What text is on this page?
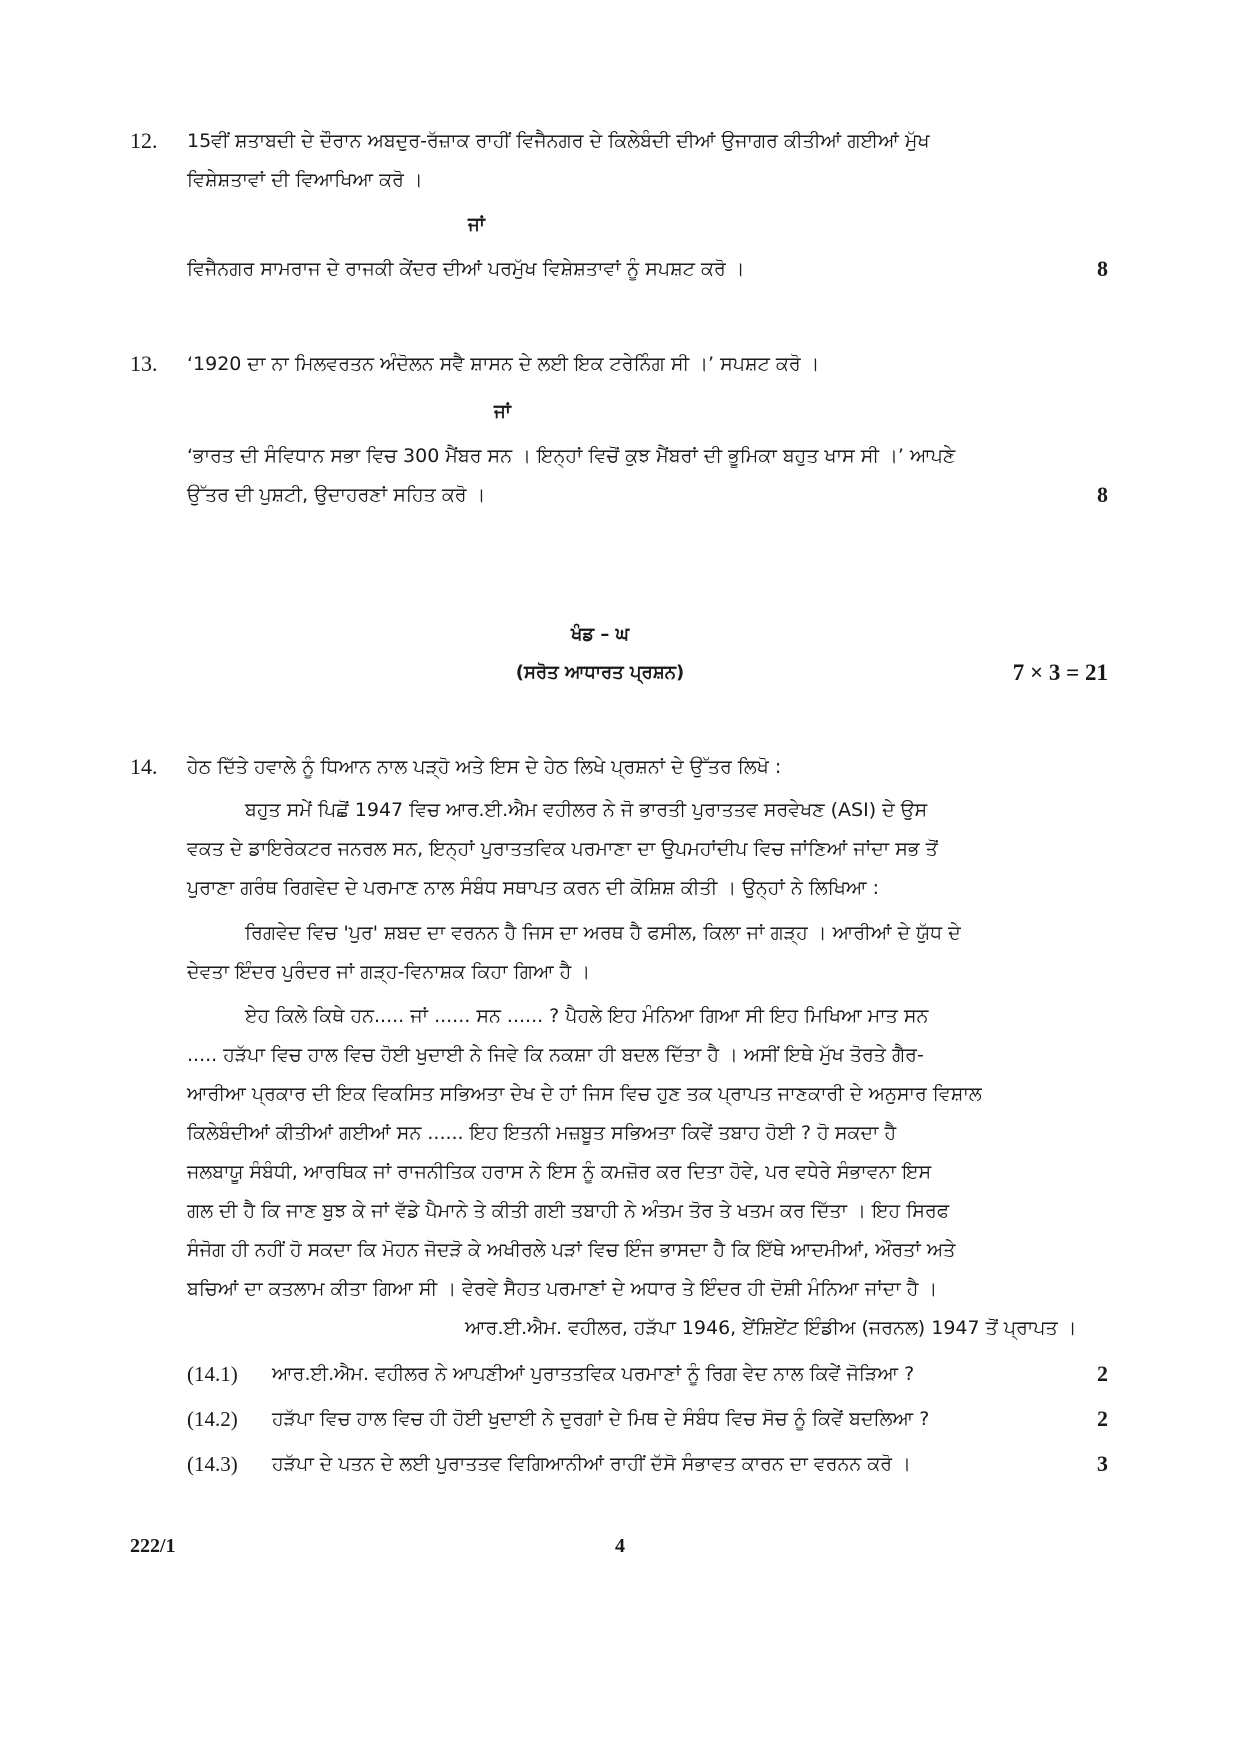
12. 15ਵੀਂ ਸ਼ਤਾਬਦੀ ਦੇ ਦੌਰਾਨ ਅਬਦੁਰ-ਰੱਜ਼ਾਕ ਰਾਹੀਂ ਵਿਜੈਨਗਰ ਦੇ ਕਿਲੇਬੰਦੀ ਦੀਆਂ ਉਜਾਗਰ ਕੀਤੀਆਂ ਗਈਆਂ ਮੁੱਖ
ਵਿਸ਼ੇਸ਼ਤਾਵਾਂ ਦੀ ਵਿਆਖਿਆ ਕਰੋ ।
ਜਾਂ
ਵਿਜੈਨਗਰ ਸਾਮਰਾਜ ਦੇ ਰਾਜਕੀ ਕੇਂਦਰ ਦੀਆਂ ਪਰਮੁੱਖ ਵਿਸ਼ੇਸ਼ਤਾਵਾਂ ਨੂੰ ਸਪਸ਼ਟ ਕਰੋ ।	8
13. ‘1920 ਦਾ ਨਾ ਮਿਲਵਰਤਨ ਅੰਦੋਲਨ ਸਵੈ ਸ਼ਾਸਨ ਦੇ ਲਈ ਇਕ ਟਰੇਨਿੰਗ ਸੀ ।’ ਸਪਸ਼ਟ ਕਰੋ ।
ਜਾਂ
‘ਭਾਰਤ ਦੀ ਸੰਵਿਧਾਨ ਸਭਾ ਵਿਚ 300 ਮੈਂਬਰ ਸਨ । ਇਨ੍ਹਾਂ ਵਿਚੋਂ ਕੁਝ ਮੈਂਬਰਾਂ ਦੀ ਭੂਮਿਕਾ ਬਹੁਤ ਖਾਸ ਸੀ ।’ ਆਪਣੇ
ਉੱਤਰ ਦੀ ਪੁਸ਼ਟੀ, ਉਦਾਹਰਣਾਂ ਸਹਿਤ ਕਰੋ ।	8
ਖੰਡ – ਘ
(ਸਰੋਤ ਆਧਾਰਤ ਪ੍ਰਸ਼ਨ)	7 × 3 = 21
14. ਹੇਠ ਦਿੱਤੇ ਹਵਾਲੇ ਨੂੰ ਧਿਆਨ ਨਾਲ ਪੜ੍ਹੋ ਅਤੇ ਇਸ ਦੇ ਹੇਠ ਲਿਖੇ ਪ੍ਰਸ਼ਨਾਂ ਦੇ ਉੱਤਰ ਲਿਖੋ :
ਬਹੁਤ ਸਮੇਂ ਪਿਛੋਂ 1947 ਵਿਚ ਆਰ.ਈ.ਐਮ ਵਹੀਲਰ ਨੇ ਜੋ ਭਾਰਤੀ ਪੁਰਾਤਤਵ ਸਰਵੇਖਣ (ASI) ਦੇ ਉਸ
ਵਕਤ ਦੇ ਡਾਇਰੇਕਟਰ ਜਨਰਲ ਸਨ, ਇਨ੍ਹਾਂ ਪੁਰਾਤਤਵਿਕ ਪਰਮਾਣਾ ਦਾ ਉਪਮਹਾਂਦੀਪ ਵਿਚ ਜਾਂਣਿਆਂ ਜਾਂਦਾ ਸਭ ਤੋਂ
ਪੁਰਾਣਾ ਗਰੰਥ ਰਿਗਵੇਦ ਦੇ ਪਰਮਾਣ ਨਾਲ ਸੰਬੰਧ ਸਥਾਪਤ ਕਰਨ ਦੀ ਕੋਸ਼ਿਸ਼ ਕੀਤੀ । ਉਨ੍ਹਾਂ ਨੇ ਲਿਖਿਆ :
ਰਿਗਵੇਦ ਵਿਚ 'ਪੁਰ' ਸ਼ਬਦ ਦਾ ਵਰਨਨ ਹੈ ਜਿਸ ਦਾ ਅਰਥ ਹੈ ਫਸੀਲ, ਕਿਲਾ ਜਾਂ ਗੜ੍ਹ । ਆਰੀਆਂ ਦੇ ਯੁੱਧ ਦੇ
ਦੇਵਤਾ ਇੰਦਰ ਪੁਰੰਦਰ ਜਾਂ ਗੜ੍ਹ-ਵਿਨਾਸ਼ਕ ਕਿਹਾ ਗਿਆ ਹੈ ।
ਏਹ ਕਿਲੇ ਕਿਥੇ ਹਨ..... ਜਾਂ ...... ਸਨ ...... ? ਪੈਹਲੇ ਇਹ ਮੰਨਿਆ ਗਿਆ ਸੀ ਇਹ ਮਿਖਿਆ ਮਾਤ ਸਨ
..... ਹੜੱਪਾ ਵਿਚ ਹਾਲ ਵਿਚ ਹੋਈ ਖੁਦਾਈ ਨੇ ਜਿਵੇ ਕਿ ਨਕਸ਼ਾ ਹੀ ਬਦਲ ਦਿੱਤਾ ਹੈ । ਅਸੀਂ ਇਥੇ ਮੁੱਖ ਤੋਰਤੇ ਗੈਰ-
ਆਰੀਆ ਪ੍ਰਕਾਰ ਦੀ ਇਕ ਵਿਕਸਿਤ ਸਭਿਅਤਾ ਦੇਖ ਦੇ ਹਾਂ ਜਿਸ ਵਿਚ ਹੁਣ ਤਕ ਪ੍ਰਾਪਤ ਜਾਣਕਾਰੀ ਦੇ ਅਨੁਸਾਰ ਵਿਸ਼ਾਲ
ਕਿਲੇਬੰਦੀਆਂ ਕੀਤੀਆਂ ਗਈਆਂ ਸਨ ...... ਇਹ ਇਤਨੀ ਮਜ਼ਬੂਤ ਸਭਿਅਤਾ ਕਿਵੇਂ ਤਬਾਹ ਹੋਈ ? ਹੋ ਸਕਦਾ ਹੈ
ਜਲਬਾਯੂ ਸੰਬੰਧੀ, ਆਰਥਿਕ ਜਾਂ ਰਾਜਨੀਤਿਕ ਹਰਾਸ ਨੇ ਇਸ ਨੂੰ ਕਮਜ਼ੋਰ ਕਰ ਦਿਤਾ ਹੋਵੇ, ਪਰ ਵਧੇਰੇ ਸੰਭਾਵਨਾ ਇਸ
ਗਲ ਦੀ ਹੈ ਕਿ ਜਾਣ ਬੁਝ ਕੇ ਜਾਂ ਵੱਡੇ ਪੈਮਾਨੇ ਤੇ ਕੀਤੀ ਗਈ ਤਬਾਹੀ ਨੇ ਅੰਤਮ ਤੋਰ ਤੇ ਖਤਮ ਕਰ ਦਿੱਤਾ । ਇਹ ਸਿਰਫ
ਸੰਜੋਗ ਹੀ ਨਹੀਂ ਹੋ ਸਕਦਾ ਕਿ ਮੋਹਨ ਜੋਦੜੋ ਕੇ ਅਖੀਰਲੇ ਪੜਾਂ ਵਿਚ ਇੰਜ ਭਾਸਦਾ ਹੈ ਕਿ ਇੱਥੇ ਆਦਮੀਆਂ, ਔਰਤਾਂ ਅਤੇ
ਬਚਿਆਂ ਦਾ ਕਤਲਾਮ ਕੀਤਾ ਗਿਆ ਸੀ । ਵੇਰਵੇ ਸੈਹਤ ਪਰਮਾਣਾਂ ਦੇ ਅਧਾਰ ਤੇ ਇੰਦਰ ਹੀ ਦੋਸ਼ੀ ਮੰਨਿਆ ਜਾਂਦਾ ਹੈ ।
ਆਰ.ਈ.ਐਮ. ਵਹੀਲਰ, ਹੜੱਪਾ 1946, ਏਂਸ਼ਿਏਂਟ ਇੰਡੀਅ (ਜਰਨਲ) 1947 ਤੋਂ ਪ੍ਰਾਪਤ ।
(14.1) ਆਰ.ਈ.ਐਮ. ਵਹੀਲਰ ਨੇ ਆਪਣੀਆਂ ਪੁਰਾਤਤਵਿਕ ਪਰਮਾਣਾਂ ਨੂੰ ਰਿਗ ਵੇਦ ਨਾਲ ਕਿਵੇਂ ਜੋੜਿਆ ?	2
(14.2) ਹੜੱਪਾ ਵਿਚ ਹਾਲ ਵਿਚ ਹੀ ਹੋਈ ਖੁਦਾਈ ਨੇ ਦੁਰਗਾਂ ਦੇ ਮਿਥ ਦੇ ਸੰਬੰਧ ਵਿਚ ਸੋਚ ਨੂੰ ਕਿਵੇਂ ਬਦਲਿਆ ?	2
(14.3) ਹੜੱਪਾ ਦੇ ਪਤਨ ਦੇ ਲਈ ਪੁਰਾਤਤਵ ਵਿਗਿਆਨੀਆਂ ਰਾਹੀਂ ਦੱਸੋ ਸੰਭਾਵਤ ਕਾਰਨ ਦਾ ਵਰਨਨ ਕਰੋ ।	3
222/1	4
